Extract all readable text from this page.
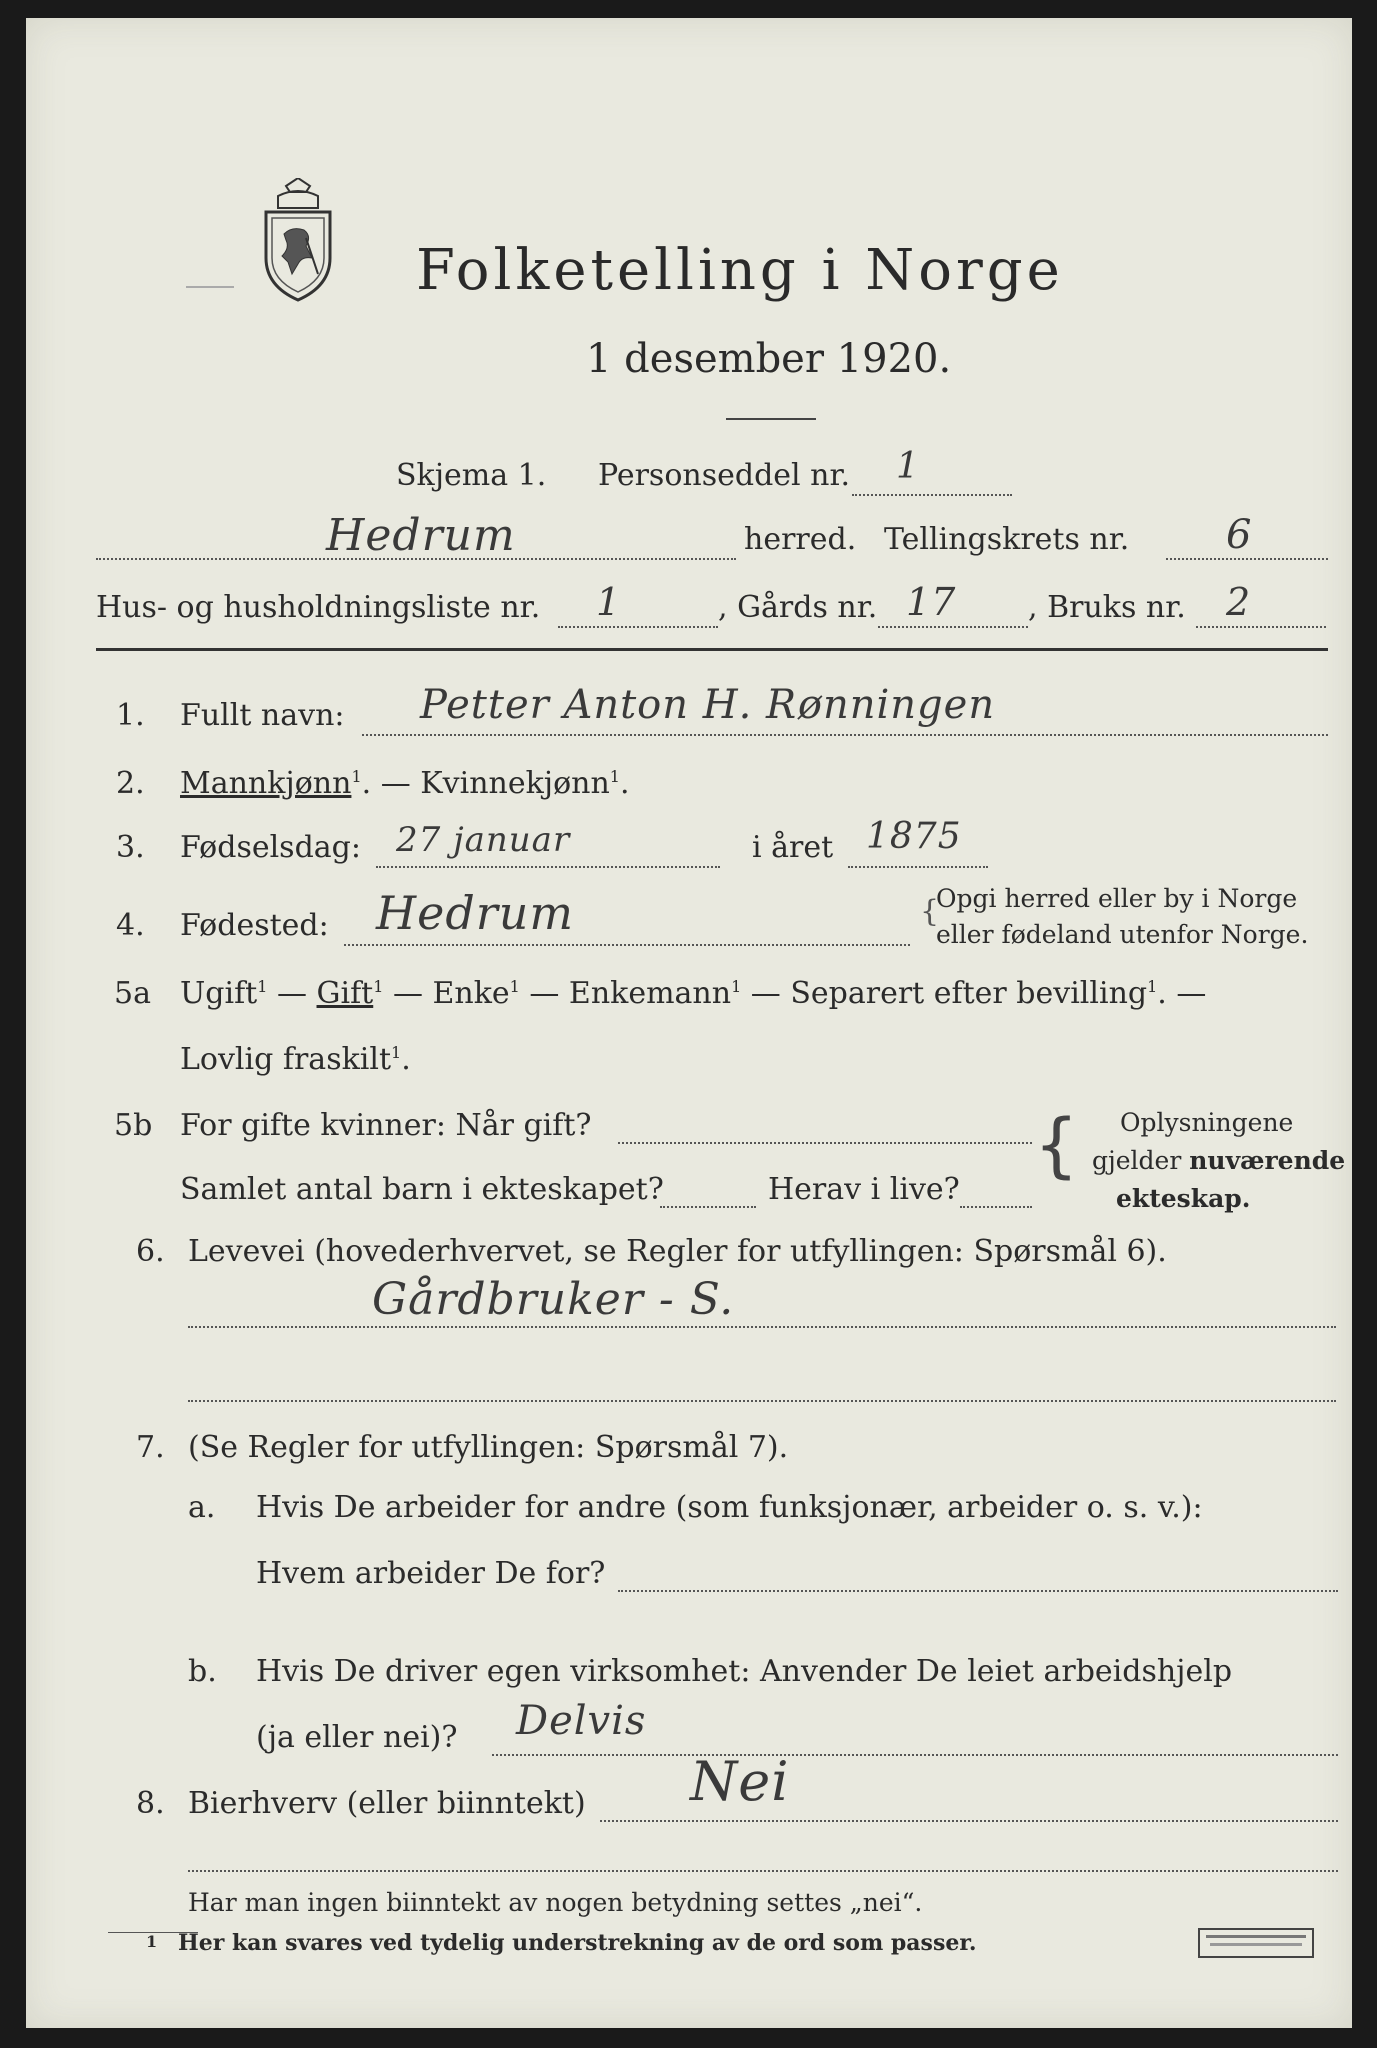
Folketelling i Norge
1 desember 1920.
Skjema 1. Personseddel nr. 1
Hedrum	herred. Tellingskrets nr. 6
Hus- og husholdningsliste nr. 1	, Gårds nr. 17 , Bruks nr. 2
1. Fullt navn: Petter Anton H. Rønningen
2. Mannkjønn$^1$. — Kvinnekjønn$^1$.
3. Fødselsdag: 27 januar	i året 1875
4. Fødested: Hedrum	{
Opgi herred eller by i Norge
eller fødeland utenfor Norge.
5a Ugift$^1$ — Gift$^1$ — Enke$^1$ — Enkemann$^1$ — Separert efter bevilling$^1$. —
Lovlig fraskilt$^1$.
5b For gifte kvinner: Når gift?
Samlet antal barn i ekteskapet?	Herav i live?
{ Oplysningene
gjelder nuværende
ekteskap.
6. Levevei (hovederhvervet, se Regler for utfyllingen: Spørsmål 6).
Gårdbruker - S.
7. (Se Regler for utfyllingen: Spørsmål 7).
a. Hvis De arbeider for andre (som funksjonær, arbeider o. s. v.):
Hvem arbeider De for?
b. Hvis De driver egen virksomhet: Anvender De leiet arbeidshjelp
(ja eller nei)? Delvis
8. Bierhverv (eller biinntekt) Nei
Har man ingen biinntekt av nogen betydning settes „nei“.
1 Her kan svares ved tydelig understrekning av de ord som passer.
